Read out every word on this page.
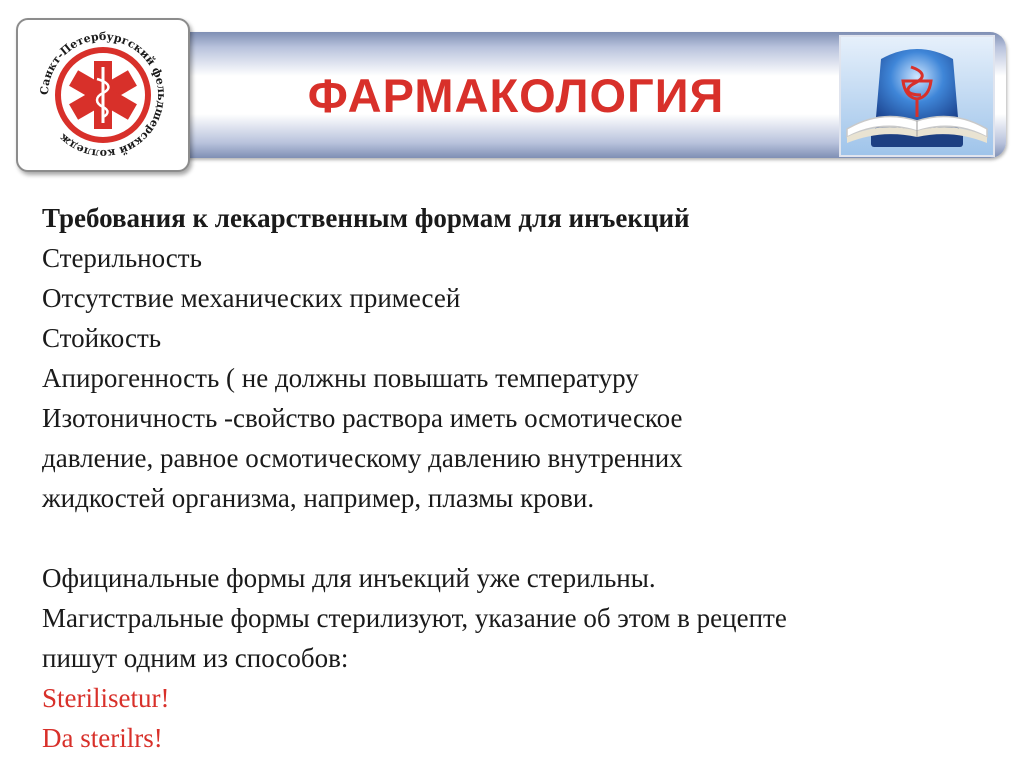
ФАРМАКОЛОГИЯ
Санкт-Петербургский фельдшерский колледж
Требования к лекарственным формам для инъекций
Стерильность
Отсутствие механических примесей
Стойкость
Апирогенность ( не должны повышать температуру
Изотоничность -свойство раствора иметь осмотическое
давление, равное осмотическому давлению внутренних
жидкостей организма, например, плазмы крови.
Официнальные формы для инъекций уже стерильны.
Магистральные формы стерилизуют, указание об этом в рецепте
пишут одним из способов:
Sterilisetur!
Da sterilrs!
